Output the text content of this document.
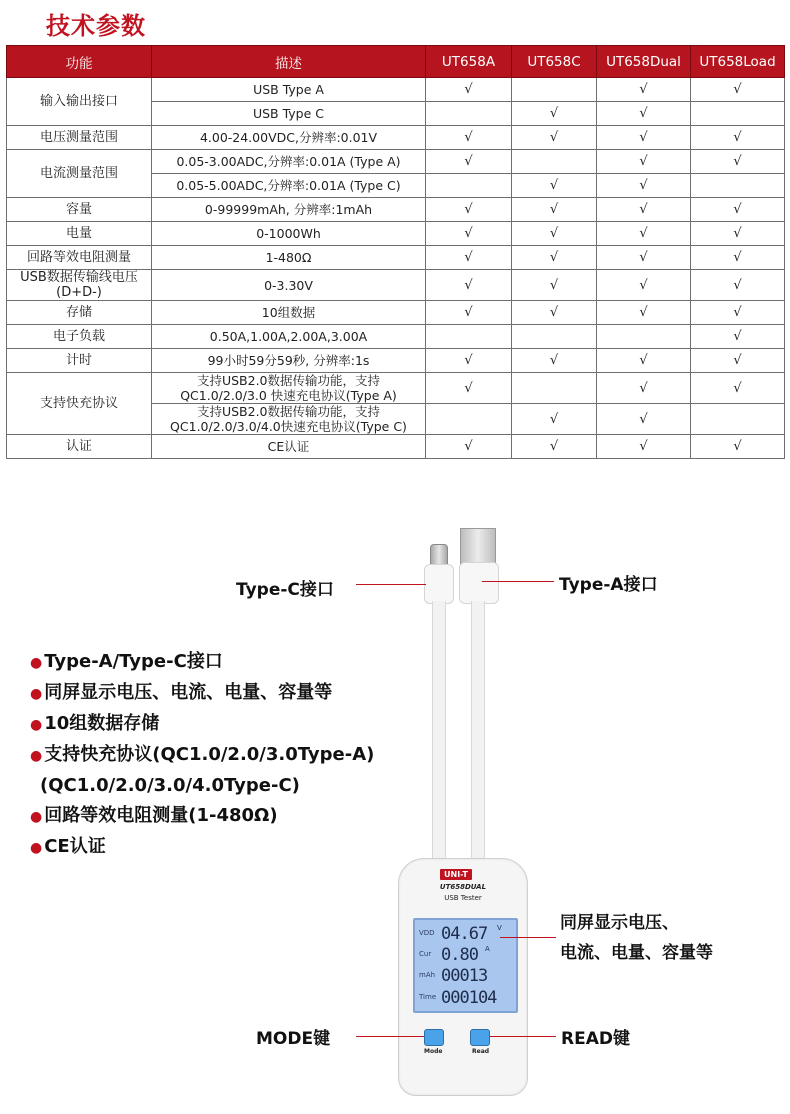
技术参数
功能	描述	UT658A	UT658C	UT658Dual	UT658Load
输入输出接口	USB Type A	√		√	√
	USB Type C		√	√	
电压测量范围	4.00-24.00VDC,分辨率:0.01V	√	√	√	√
电流测量范围	0.05-3.00ADC,分辨率:0.01A (Type A)	√		√	√
	0.05-5.00ADC,分辨率:0.01A (Type C)		√	√	
容量	0-99999mAh, 分辨率:1mAh	√	√	√	√
电量	0-1000Wh	√	√	√	√
回路等效电阻测量	1-480Ω	√	√	√	√
USB数据传输线电压 (D+D-)	0-3.30V	√	√	√	√
存储	10组数据	√	√	√	√
电子负载	0.50A,1.00A,2.00A,3.00A				√
计时	99小时59分59秒, 分辨率:1s	√	√	√	√
支持快充协议	支持USB2.0数据传输功能，支持QC1.0/2.0/3.0 快速充电协议(Type A)	√		√	√
	支持USB2.0数据传输功能，支持QC1.0/2.0/3.0/4.0快速充电协议(Type C)		√	√	
认证	CE认证	√	√	√	√
UNI-T
UT658DUAL
USB Tester
VDD 04.67 V
Cur 0.80 A
mAh 00013
Time 000104
Mode	Read
Type-C接口	Type-A接口
● Type-A/Type-C接口
● 同屏显示电压、电流、电量、容量等
● 10组数据存储
● 支持快充协议(QC1.0/2.0/3.0Type-A)
(QC1.0/2.0/3.0/4.0Type-C)
● 回路等效电阻测量(1-480Ω)
● CE认证
同屏显示电压、
电流、电量、容量等
MODE键	READ键
